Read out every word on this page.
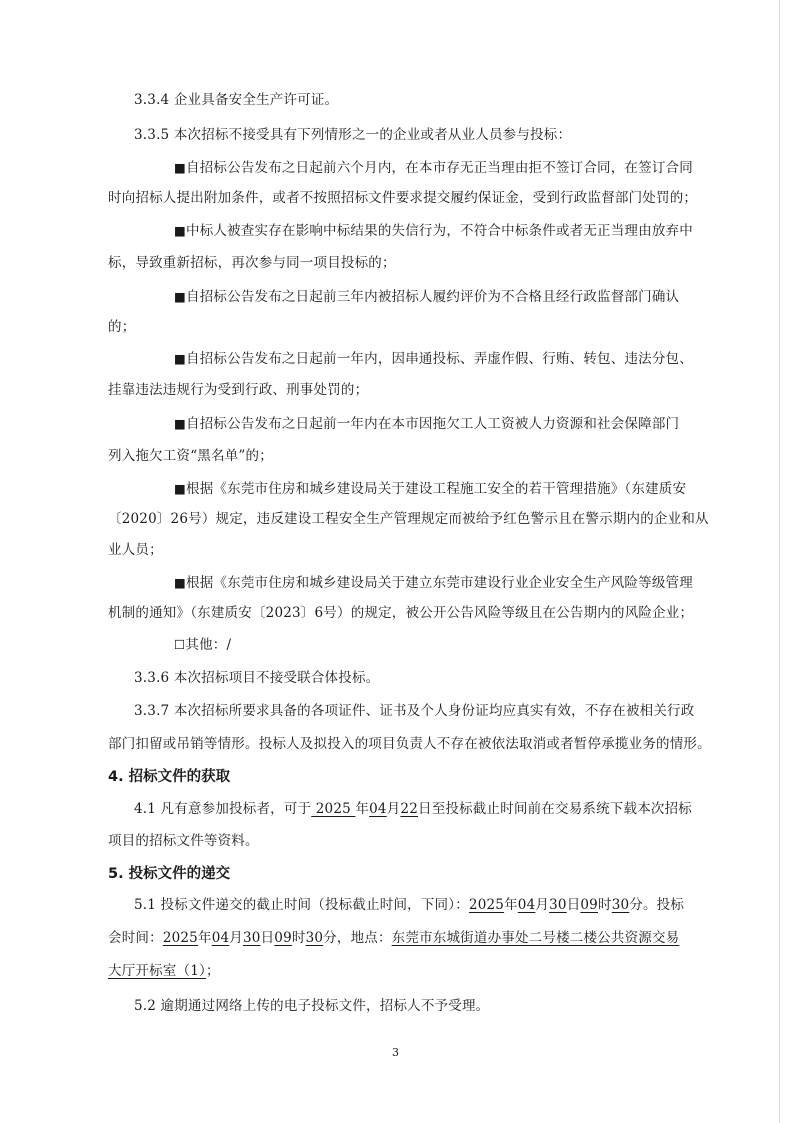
3.3.4 企业具备安全生产许可证。
3.3.5 本次招标不接受具有下列情形之一的企业或者从业人员参与投标：
■自招标公告发布之日起前六个月内，在本市存无正当理由拒不签订合同，在签订合同
时向招标人提出附加条件，或者不按照招标文件要求提交履约保证金，受到行政监督部门处罚的；
■中标人被查实存在影响中标结果的失信行为，不符合中标条件或者无正当理由放弃中
标，导致重新招标，再次参与同一项目投标的；
■自招标公告发布之日起前三年内被招标人履约评价为不合格且经行政监督部门确认
的；
■自招标公告发布之日起前一年内，因串通投标、弄虚作假、行贿、转包、违法分包、
挂靠违法违规行为受到行政、刑事处罚的；
■自招标公告发布之日起前一年内在本市因拖欠工人工资被人力资源和社会保障部门
列入拖欠工资“黑名单”的；
■根据《东莞市住房和城乡建设局关于建设工程施工安全的若干管理措施》（东建质安
〔2020〕26号）规定，违反建设工程安全生产管理规定而被给予红色警示且在警示期内的企业和从
业人员；
■根据《东莞市住房和城乡建设局关于建立东莞市建设行业企业安全生产风险等级管理
机制的通知》（东建质安〔2023〕6号）的规定，被公开公告风险等级且在公告期内的风险企业；
☐其他：/
3.3.6 本次招标项目不接受联合体投标。
3.3.7 本次招标所要求具备的各项证件、证书及个人身份证均应真实有效，不存在被相关行政
部门扣留或吊销等情形。投标人及拟投入的项目负责人不存在被依法取消或者暂停承揽业务的情形。
4. 招标文件的获取
4.1 凡有意参加投标者，可于 2025 年04月22日至投标截止时间前在交易系统下载本次招标
项目的招标文件等资料。
5. 投标文件的递交
5.1 投标文件递交的截止时间（投标截止时间，下同）：2025年04月30日09时30分。投标
会时间：2025年04月30日09时30分，地点：东莞市东城街道办事处二号楼二楼公共资源交易
大厅开标室（1）；
5.2 逾期通过网络上传的电子投标文件，招标人不予受理。
3
